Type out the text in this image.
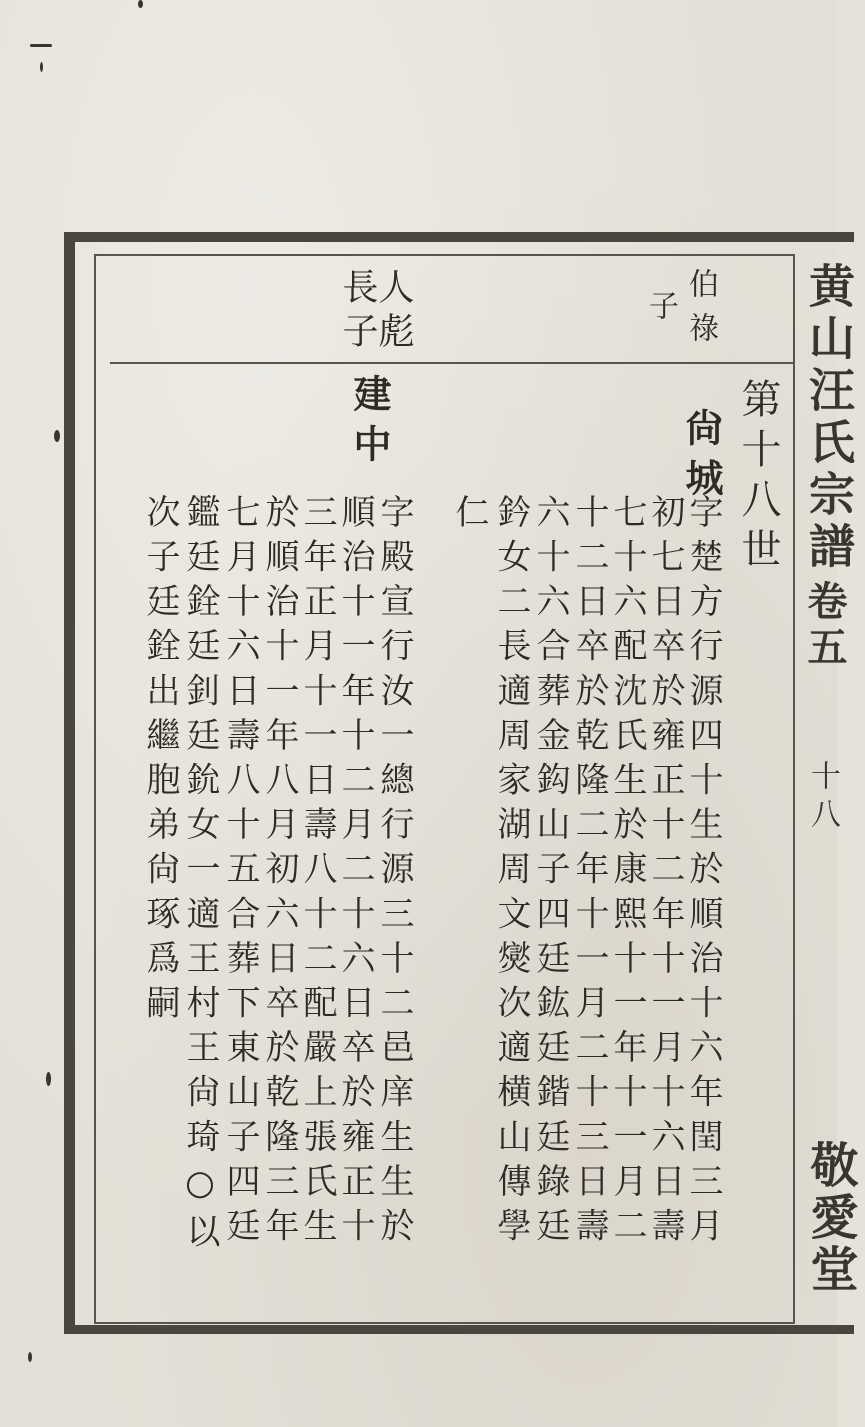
黄山汪氏宗譜
卷五
十八
敬愛堂
伯祿
子
人彪
長子
第十八世
尙城
字楚方行源四十生於順治十六年閏三月
初七日卒於雍正十二年十一月十六日壽
七十六配沈氏生於康熙十一年十一月二
十二日卒於乾隆二年十一月二十三日壽
六十六合葬金鈎山子四廷鈜廷鍇廷錄廷
鈐女二長適周家湖周文爕次適横山傳學
仁
建中
字殿宣行汝一總行源三十二邑庠生生於
順治十一年十二月二十六日卒於雍正十
三年正月十一日壽八十二配嚴上張氏生
於順治十一年八月初六日卒於乾隆三年
七月十六日壽八十五合葬下東山子四廷
鑑廷銓廷釗廷鈗女一適王村王尙琦○以
次子廷銓出繼胞弟尙琢爲嗣
